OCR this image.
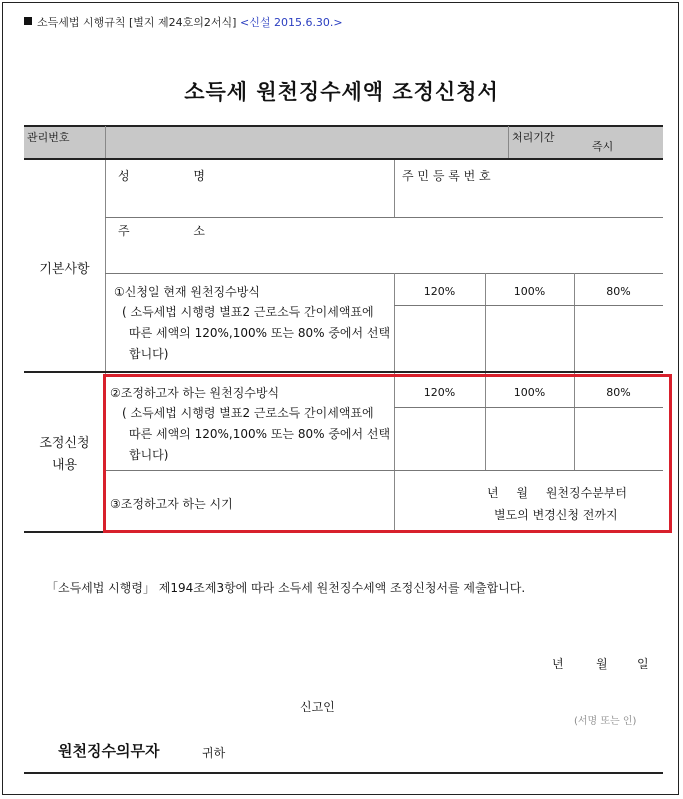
소득세법 시행규칙 [별지 제24호의2서식] <신설 2015.6.30.>
소득세 원천징수세액 조정신청서
관리번호	처리기간
즉시
기본사항
성 명	주 민 등 록 번 호
주 소
①신청일 현재 원천징수방식
( 소득세법 시행령 별표2 근로소득 간이세액표에
따른 세액의 120%,100% 또는 80% 중에서 선택
합니다)
120%	100%	80%
조정신청
내용
②조정하고자 하는 원천징수방식
( 소득세법 시행령 별표2 근로소득 간이세액표에
따른 세액의 120%,100% 또는 80% 중에서 선택
합니다)
120%	100%	80%
③조정하고자 하는 시기
년 월 원천징수분부터
별도의 변경신청 전까지
「소득세법 시행령」 제194조제3항에 따라 소득세 원천징수세액 조정신청서를 제출합니다.
년	월 일
신고인
(서명 또는 인)
원천징수의무자	귀하
